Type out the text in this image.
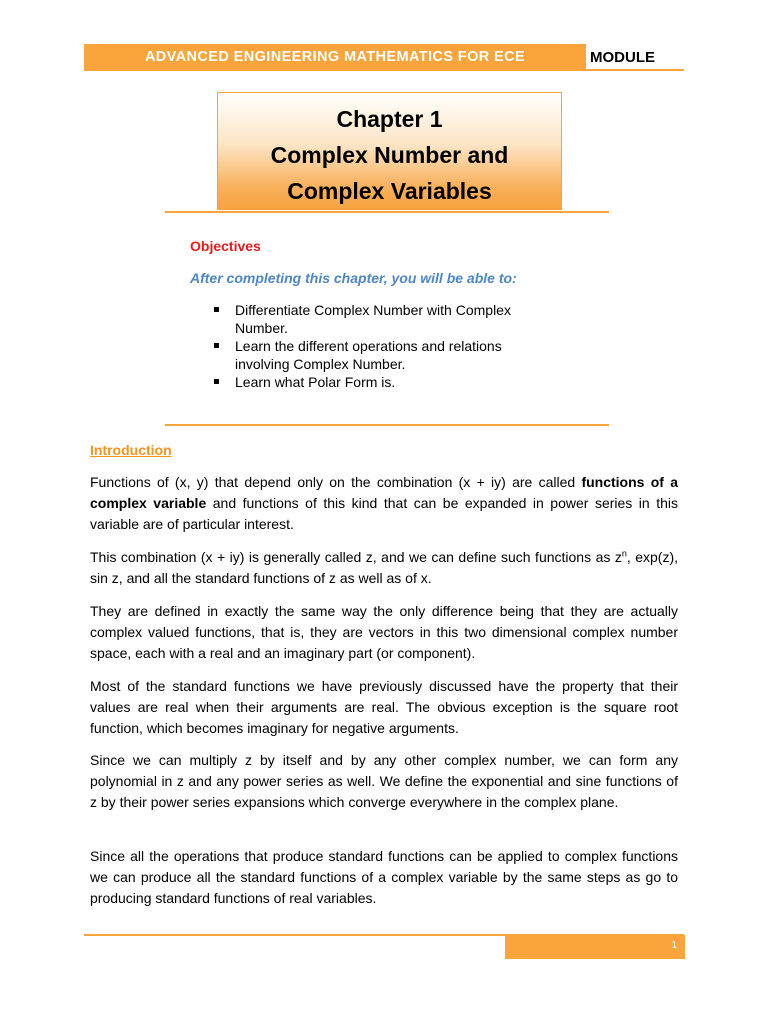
ADVANCED ENGINEERING MATHEMATICS FOR ECE	MODULE
Chapter 1
Complex Number and
Complex Variables
Objectives
After completing this chapter, you will be able to:
Differentiate Complex Number with Complex Number.
Learn the different operations and relations involving Complex Number.
Learn what Polar Form is.
Introduction
Functions of (x, y) that depend only on the combination (x + iy) are called functions of a complex variable and functions of this kind that can be expanded in power series in this variable are of particular interest.
This combination (x + iy) is generally called z, and we can define such functions as $z^n$, exp(z), sin z, and all the standard functions of z as well as of x.
They are defined in exactly the same way the only difference being that they are actually complex valued functions, that is, they are vectors in this two dimensional complex number space, each with a real and an imaginary part (or component).
Most of the standard functions we have previously discussed have the property that their values are real when their arguments are real. The obvious exception is the square root function, which becomes imaginary for negative arguments.
Since we can multiply z by itself and by any other complex number, we can form any polynomial in z and any power series as well. We define the exponential and sine functions of z by their power series expansions which converge everywhere in the complex plane.
Since all the operations that produce standard functions can be applied to complex functions we can produce all the standard functions of a complex variable by the same steps as go to producing standard functions of real variables.
1
